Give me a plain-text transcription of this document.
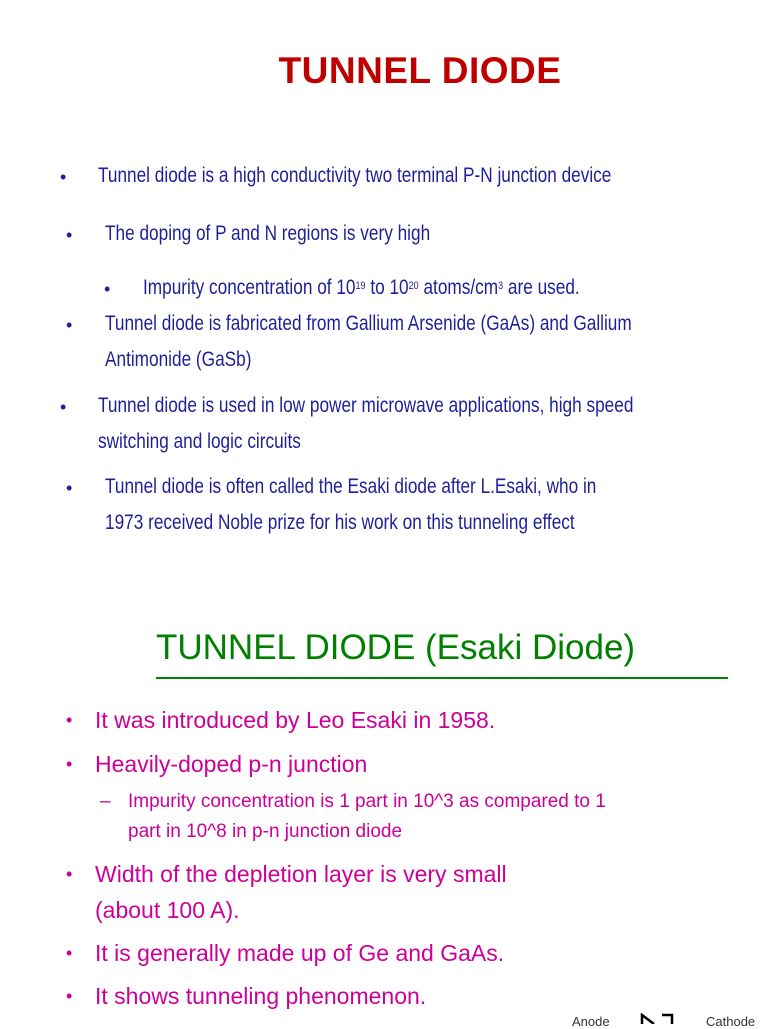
TUNNEL DIODE
• Tunnel diode is a high conductivity two terminal P-N junction device
• The doping of P and N regions is very high
• Impurity concentration of $10^{19}$ to $10^{20}$ atoms/$cm^3$ are used.
• Tunnel diode is fabricated from Gallium Arsenide (GaAs) and Gallium
Antimonide (GaSb)
• Tunnel diode is used in low power microwave applications, high speed
switching and logic circuits
• Tunnel diode is often called the Esaki diode after L.Esaki, who in
1973 received Noble prize for his work on this tunneling effect
TUNNEL DIODE (Esaki Diode)
• It was introduced by Leo Esaki in 1958.
• Heavily-doped p-n junction
– Impurity concentration is 1 part in 10^3 as compared to 1
part in 10^8 in p-n junction diode
• Width of the depletion layer is very small
(about 100 A).
• It is generally made up of Ge and GaAs.
• It shows tunneling phenomenon.
Anode	Cathode
